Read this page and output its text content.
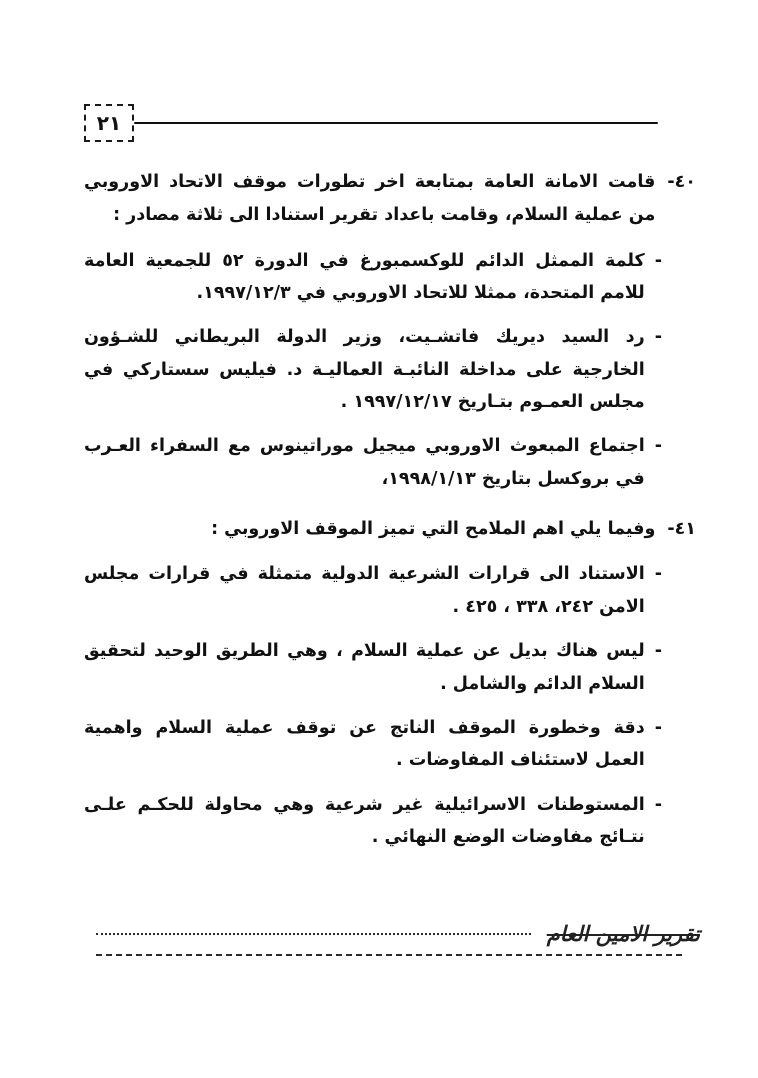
٢١
٤٠-
قامت الامانة العامة بمتابعة اخر تطورات موقف الاتحاد الاوروبي من عملية السلام، وقامت باعداد تقرير استنادا الى ثلاثة مصادر :
-
كلمة الممثل الدائم للوكسمبورغ في الدورة ٥٢ للجمعية العامة للامم المتحدة، ممثلا للاتحاد الاوروبي في ١٩٩٧/١٢/٣.
-
رد السيد ديريك فاتشـيت، وزير الدولة البريطاني للشـؤون الخارجية على مداخلة النائبـة العماليـة د. فيليس سستاركي في مجلس العمـوم بتـاريخ ١٩٩٧/١٢/١٧ .
-
اجتماع المبعوث الاوروبي ميجيل موراتينوس مع السفراء العـرب في بروكسل بتاريخ ١٩٩٨/١/١٣،
٤١-
وفيما يلي اهم الملامح التي تميز الموقف الاوروبي :
-
الاستناد الى قرارات الشرعية الدولية متمثلة في قرارات مجلس الامن ٢٤٢، ٣٣٨ ، ٤٢٥ .
-
ليس هناك بديل عن عملية السلام ، وهي الطريق الوحيد لتحقيق السلام الدائم والشامل .
-
دقة وخطورة الموقف الناتج عن توقف عملية السلام واهمية العمل لاستئناف المفاوضات .
-
المستوطنات الاسرائيلية غير شرعية وهي محاولة للحكـم علـى نتـائج مفاوضات الوضع النهائي .
تقرير الامين العام
